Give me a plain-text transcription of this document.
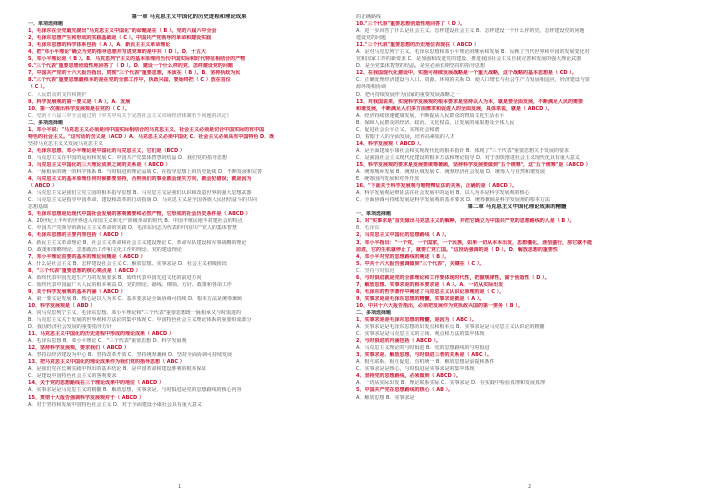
第一章 马克思主义中国化的历史进程和理论成果
一、单项选择题
1、毛泽东在全党最先提出"马克思主义中国化"的命题是在（ B ）。党的六届六中全会
2、毛泽东思想产生和形成的实践基础是（ C ）。中国共产党领导的革命和建设实践
3、毛泽东思想的科学体系包括（ A ）。A．新民主主义革命理论
4、把"邓小平理论"确立为党的指导思想并写进党章的是中共（ D ）。D．十五大
5、邓小平理论是（ B ）。B．马克思列宁主义的基本原理同当代中国实际和时代特征相结合的产物
6."三个代表"重要思想创造性地回答了（ D ）。D．建设一个什么样的党、怎样建设党的问题
7、中国共产党的十六大报告指出，贯彻"三个代表"重要思想，本质在（ B ）。B．坚持执政为民
8."三个代表"重要思想最根本的是在党的全部工作中，执政兴国，要始终把（ C ）放在首位
（ C ）。
C．人民群众的支持和拥护
9、科学发展观的第一要义是（ A ）。A．发展
10、第一次提出科学发展观是在党的（ C ）。
C．党的十六届三中全会通过的《中共中央关于完善社会主义市场经济体制若干问题的决定》
二、多项选择题
1、邓小平说："马克思主义必须是同中国实际相结合的马克思主义，社会主义必须是切合中国实际的有中国
特色的社会主义。"这句话的含义是（ACD ）A．马克思主义必须中国化 C．社会主义必须具有中国特色 D．既
坚持马克思主义又发展马克思主义
2、毛泽东思想、邓小平理论是中国化的马克思主义，它们是（BCD ）
B．马克思主义在中国的运用和发展 C．中国共产党集体智慧的结晶 D．我们党的指导思想
3、马克思主义中国化的三大理论成果之间的关系是（ ABCD ）
A．一脉相承的统一的科学体系 B．与时俱进的理论品质 C．在指导思想上的历史延续 D．不断发展和完善
4、马克思主义的基本原理任何时候都要坚持，否则我们的事业就会迷失方向，就会犯错误；就是因为
（ ABCD ）
A．马克思主义是我们立党立国的根本指导思想 B．马克思主义是我们认识和改造世界的强大思想武器
C．马克思主义是指导中国革命、建设和改革的行动指南 D．马克思主义是全国各族人民团结奋斗的共同
思想基础
5、毛泽东思想是近现代中国社会发展的客观需要和必然产物，它形成的社会历史条件是（ ABCD ）
A．20世纪上半叶的世界进入帝国主义和无产阶级革命的时代 B．中国半殖民地半封建社会的特点
C．中国共产党领导的新民主主义革命的实践 D．毛泽东同志为代表的中国共产党人的集体智慧
6、毛泽东思想的主要内容包括（ ABCD ）
A．新民主主义革命理论 B．社会主义革命和社会主义建设理论 C．革命军队建设和军事战略的理论
D．政策和策略理论、思想政治工作和文化工作的理论、党的建设理论
7、邓小平理论首要的基本的理论问题是（ ABCD ）
A．什么是社会主义 B．怎样建设社会主义 C．解放思想、实事求是 D．社会主义初级阶段
8、"三个代表"重要思想的核心观点是（ ABCD ）
A．始终代表中国先进生产力的发展要求 B．始终代表中国先进文化的前进方向
C．始终代表中国最广大人民的根本利益 D．党的理论、路线、纲领、方针、政策和各项工作
9、关于科学发展观的基本内涵（ ABCD ）
A．第一要义是发展 B．核心是以人为本 C．基本要求是全面协调可持续 D．根本方法是统筹兼顾
10、科学发展观是（ ABD ）
A．同马克思列宁主义、毛泽东思想、邓小平理论和"三个代表"重要思想既一脉相承又与时俱进的
B．马克思主义关于发展的世界观和方法论的集中体现 C．中国特色社会主义理论体系的重要组成部分
D．我国经济社会发展的重要指导方针
11、马克思主义中国化的历史进程中形成的理论成果（ ABCD ）
A．毛泽东思想 B．邓小平理论 C．"三个代表"重要思想 D．科学发展观
12、坚持科学发展观，要求我们（ ABCD ）
A．坚持以经济建设为中心 B．坚持改革开放 C．坚持统筹兼顾 D．坚持全面协调可持续发展
13、把马克思主义中国化的理论成果作为我们党的指导思想（ ABC ）
A．是我们党在长期实践中得出的基本结论 B．是中国革命和建设胜利的根本保证
C．是建设中国特色社会主义的客观要求
14、关于党的思想路线在三个理论成果中的地位（ ABCD ）
A．实事求是是马克思主义的精髓 B．解放思想、实事求是、与时俱进是党的思想路线的核心内容
15、贯彻十大报告强调科学发展观对于（ ABCD ）
A．对于坚持和发展中国特色社会主义 D．对于全面建设小康社会具有重大意义
的正确路线
10."三个代表"重要思想创造性地回答了（ D ）。
A．进一步回答了什么是社会主义、怎样建设社会主义 B．怎样建设一个什么样的党，怎样建设党的问题
建设党的问题
11."三个代表"重要思想的历史地位表现在（ ABCD ）
A．是对马克思列宁主义、毛泽东思想和邓小平理论的继承和发展 B．反映了当代世界和中国的发展变化对
党和国家工作的新要求 C．是加强和改进党的建设、推进我国社会主义自我完善和发展的强大理论武器
D．是全党集体智慧的结晶，是党必须长期坚持的指导思想
12、在我国现代化建设中，实施可持续发展战略是一个重大战略，这个战略的基本思想是（ CD ）。
C．正确处理经济建设与人口、资源、环境的关系 D．使人口增长与社会生产力发展相适应，经济建设与资
源环境相协调
D．把可持续发展作为国家的重要发展战略之一
13、对我国说来，实现科学发展观的根本要求是坚持以人为本，就是要全面发展，不断满足人民的需要
和谐发展，不断满足人们多方面需求和促进人的全面发展，具体来说，就是（ ABCD ）。
A．经济持续快速健康发展，不断提高人民群众的物质文化生活水平
B．保障人民群众的经济、政治、文化权益，让发展的成果惠及全体人民
C．促进社会公平正义，实现社会和谐
D．着眼于人的全面发展，培养高素质的人才
14、科学发展观（ ABCD ）。
A．是全面建成小康社会和实现现代化的根本指针 B．体现了"三个代表"重要思想关于发展的要求
C．是我国社会主义现代化建设的根本方法和理论指导 D．对于加快推进社会主义现代化具有重大意义
15、科学发展观的要求是发展要统筹兼顾，坚持科学发展要做到"五个统筹"，这"五个统筹"是（ABCD ）
A．统筹城乡发展 B．统筹区域发展 C．统筹经济社会发展 D．统筹人与自然和谐发展
E．统筹国内发展和对外开放
16、"下面关于科学发展观与唯物辩证法的关系，正确的是（ ABCD ）。
A．科学发展观是辩证法在社会发展中的运用 B．以人为本是科学发展观的核心
C．全面协调可持续发展是科学发展观的基本要求 D．统筹兼顾是科学发展观的根本方法
第二章 马克思主义中国化理论成果的精髓
一、单项选择题
1、对"实事求是"首先做出马克思主义的解释，并把它确立为中国共产党的思想路线的人是（ B ）。
B．毛泽东
2、马克思主义中国化的思想路线（ A ）。
3、邓小平指出："一个党，一个国家，一个民族，如果一切从本本出发，思想僵化，迷信盛行，那它就不能
前进，它的生机就停止了，就要亡党亡国。"这段话强调的是（ D ）。D．解放思想的重要性
4、邓小平对党的思想路线的阐述（ B ）。
5、中共十六大报告强调做到"三个代表"，关键在（ C ）。
C．坚持与时俱进
6、与时俱进就是党的全部理论和工作要体现时代性，把握规律性，富于创造性（ D ）。
7、解放思想、实事求是的根本要求是（ A ）。A．一切从实际出发
8、毛泽东的哲学著作中阐述了马克思主义认识论原理的是（ C ）。
9、实事求是是毛泽东思想的精髓，实事求是就是（ A ）。
10、中共十六大报告指出，必须把发展作为党执政兴国的第一要务（ B ）。
二、多项选择题
1、实事求是是毛泽东思想的精髓，是因为（ ABC ）。
A．实事求是是毛泽东思想的出发点和根本点 B．实事求是是马克思主义认识论的精髓
C．实事求是是马克思主义的立场、观点和方法的集中体现
2、与时俱进的内涵包括（ ABCD ）。
A．马克思主义理论的与时俱进 B．党的思想路线的与时俱进
3、实事求是、解放思想、与时俱进三者的关系是（ ABC ）。
A．相互联系、相互促进、有机统一 B．解放思想是前提和条件
C．实事求是是核心，与时俱进是实事求是的集中体现
4、坚持党的思想路线，必须做到（ ABCD ）。
A．一切从实际出发 B．理论联系实际 C．实事求是 D．在实践中检验真理和发展真理
5、中国共产党在思想路线的核心（ AB ）。
A．解放思想 B．实事求是
1	2
